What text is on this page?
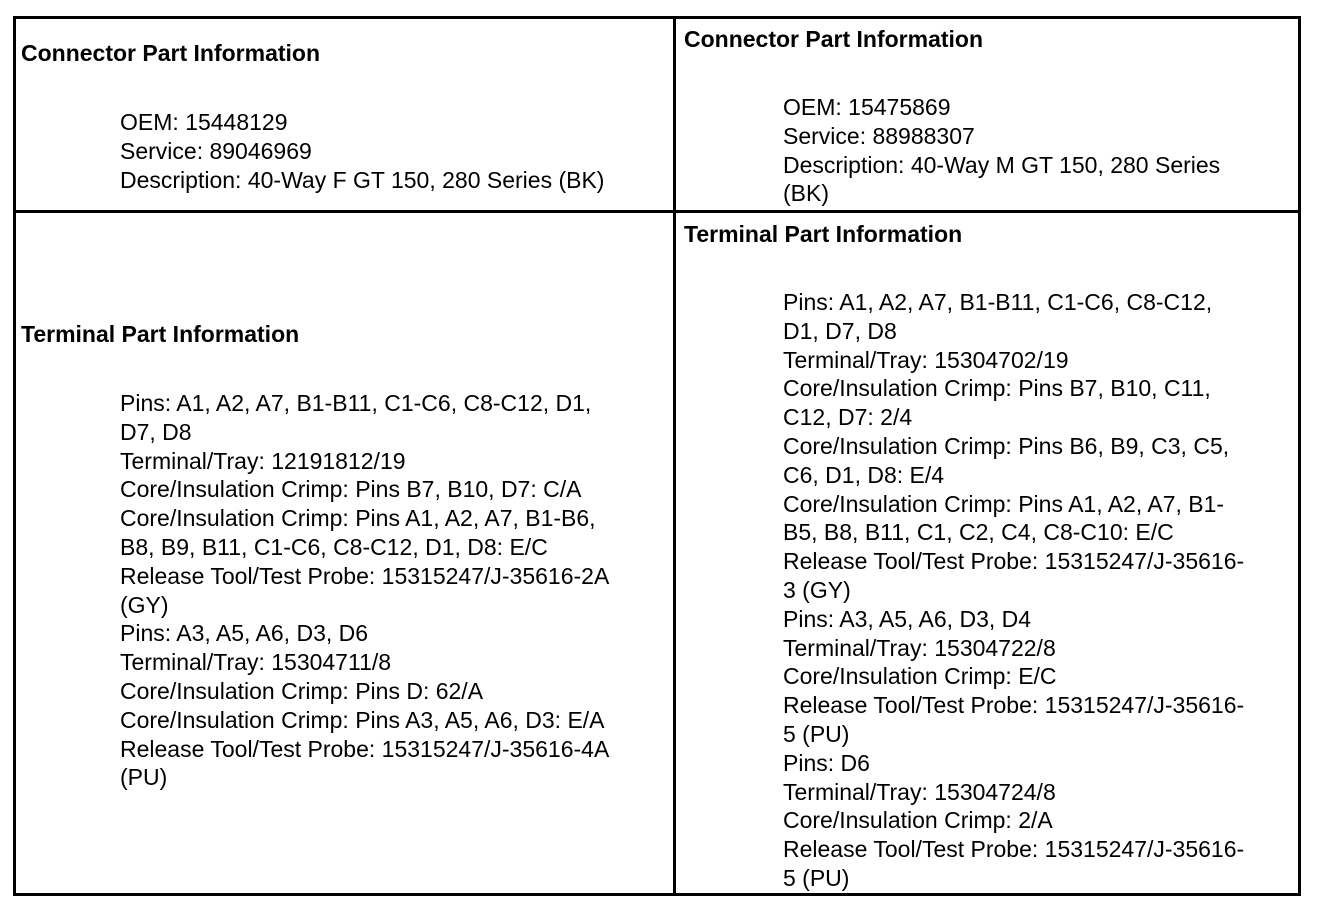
Connector Part Information
OEM: 15448129
Service: 89046969
Description: 40-Way F GT 150, 280 Series (BK)
Connector Part Information
OEM: 15475869
Service: 88988307
Description: 40-Way M GT 150, 280 Series
(BK)
Terminal Part Information
Pins: A1, A2, A7, B1-B11, C1-C6, C8-C12, D1,
D7, D8
Terminal/Tray: 12191812/19
Core/Insulation Crimp: Pins B7, B10, D7: C/A
Core/Insulation Crimp: Pins A1, A2, A7, B1-B6,
B8, B9, B11, C1-C6, C8-C12, D1, D8: E/C
Release Tool/Test Probe: 15315247/J-35616-2A
(GY)
Pins: A3, A5, A6, D3, D6
Terminal/Tray: 15304711/8
Core/Insulation Crimp: Pins D: 62/A
Core/Insulation Crimp: Pins A3, A5, A6, D3: E/A
Release Tool/Test Probe: 15315247/J-35616-4A
(PU)
Terminal Part Information
Pins: A1, A2, A7, B1-B11, C1-C6, C8-C12,
D1, D7, D8
Terminal/Tray: 15304702/19
Core/Insulation Crimp: Pins B7, B10, C11,
C12, D7: 2/4
Core/Insulation Crimp: Pins B6, B9, C3, C5,
C6, D1, D8: E/4
Core/Insulation Crimp: Pins A1, A2, A7, B1-
B5, B8, B11, C1, C2, C4, C8-C10: E/C
Release Tool/Test Probe: 15315247/J-35616-
3 (GY)
Pins: A3, A5, A6, D3, D4
Terminal/Tray: 15304722/8
Core/Insulation Crimp: E/C
Release Tool/Test Probe: 15315247/J-35616-
5 (PU)
Pins: D6
Terminal/Tray: 15304724/8
Core/Insulation Crimp: 2/A
Release Tool/Test Probe: 15315247/J-35616-
5 (PU)
